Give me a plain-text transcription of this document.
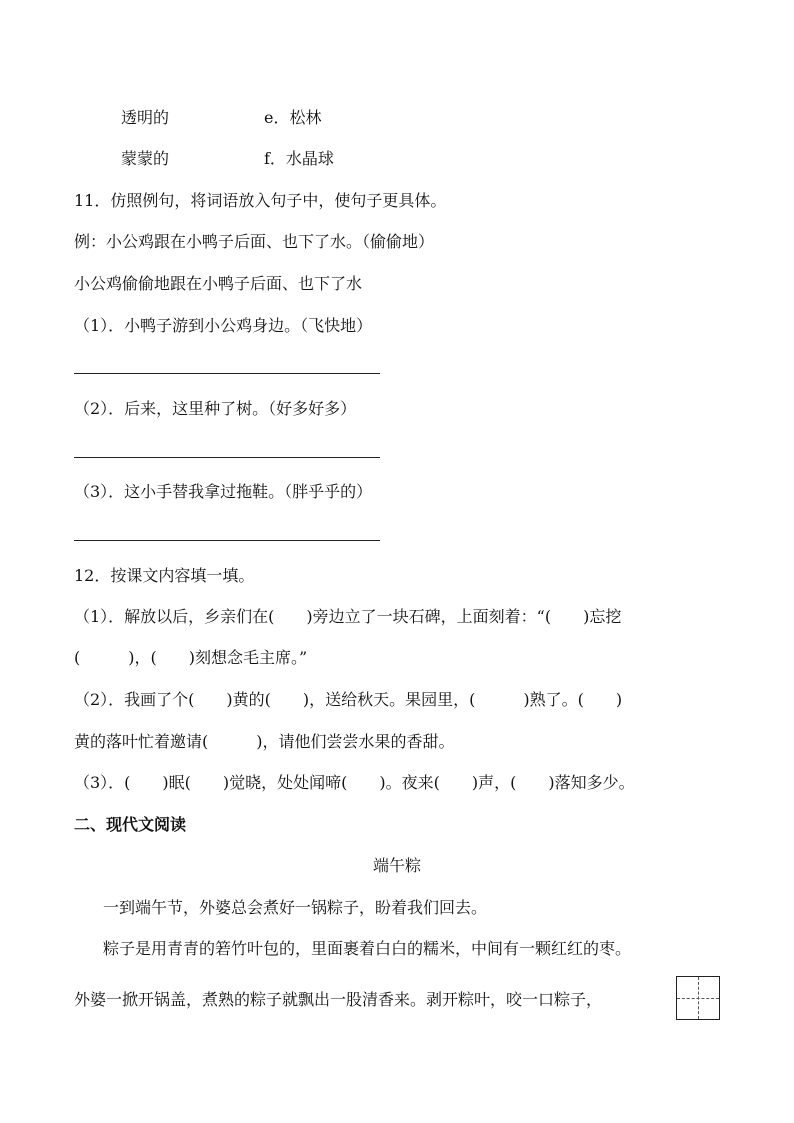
透明的	e．松林
蒙蒙的	f．水晶球
11．仿照例句，将词语放入句子中，使句子更具体。
例：小公鸡跟在小鸭子后面、也下了水。（偷偷地）
小公鸡偷偷地跟在小鸭子后面、也下了水
（1）．小鸭子游到小公鸡身边。（飞快地）
（2）．后来，这里种了树。（好多好多）
（3）．这小手替我拿过拖鞋。（胖乎乎的）
12．按课文内容填一填。
（1）．解放以后，乡亲们在(　　)旁边立了一块石碑，上面刻着：“(　　)忘挖
(　　　)，(　　)刻想念毛主席。”
（2）．我画了个(　　)黄的(　　)，送给秋天。果园里，(　　　)熟了。(　　)
黄的落叶忙着邀请(　　　)，请他们尝尝水果的香甜。
（3）．(　　)眠(　　)觉晓，处处闻啼(　　)。夜来(　　)声，(　　)落知多少。
二、现代文阅读
端午粽
一到端午节，外婆总会煮好一锅粽子，盼着我们回去。
粽子是用青青的箬竹叶包的，里面裹着白白的糯米，中间有一颗红红的枣。
外婆一掀开锅盖，煮熟的粽子就飘出一股清香来。剥开粽叶，咬一口粽子，
